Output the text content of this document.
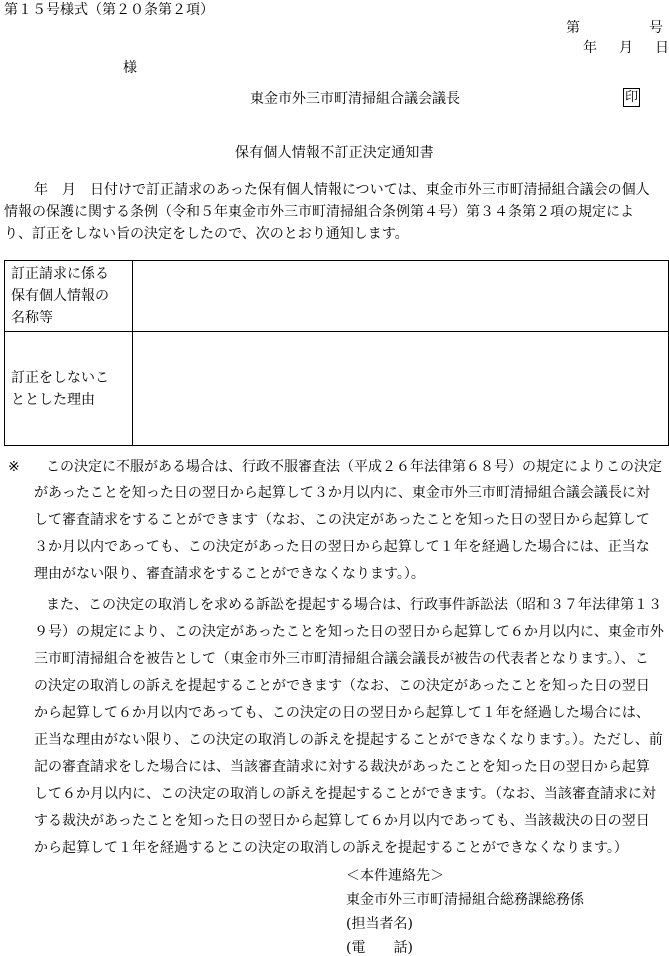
第１５号様式（第２０条第２項）
第	号
年 月 日
様
東金市外三市町清掃組合議会議長	印
保有個人情報不訂正決定通知書
年　月　日付けで訂正請求のあった保有個人情報については、東金市外三市町清掃組合議会の個人
情報の保護に関する条例（令和５年東金市外三市町清掃組合条例第４号）第３４条第２項の規定によ
り、訂正をしない旨の決定をしたので、次のとおり通知します。
訂正請求に係る
保有個人情報の
名称等	

訂正をしないこ
ととした理由	

※ この決定に不服がある場合は、行政不服審査法（平成２６年法律第６８号）の規定によりこの決定
があったことを知った日の翌日から起算して３か月以内に、東金市外三市町清掃組合議会議長に対
して審査請求をすることができます（なお、この決定があったことを知った日の翌日から起算して
３か月以内であっても、この決定があった日の翌日から起算して１年を経過した場合には、正当な
理由がない限り、審査請求をすることができなくなります。）。
また、この決定の取消しを求める訴訟を提起する場合は、行政事件訴訟法（昭和３７年法律第１３
９号）の規定により、この決定があったことを知った日の翌日から起算して６か月以内に、東金市外
三市町清掃組合を被告として（東金市外三市町清掃組合議会議長が被告の代表者となります。）、こ
の決定の取消しの訴えを提起することができます（なお、この決定があったことを知った日の翌日
から起算して６か月以内であっても、この決定の日の翌日から起算して１年を経過した場合には、
正当な理由がない限り、この決定の取消しの訴えを提起することができなくなります。）。ただし、前
記の審査請求をした場合には、当該審査請求に対する裁決があったことを知った日の翌日から起算
して６か月以内に、この決定の取消しの訴えを提起することができます。（なお、当該審査請求に対
する裁決があったことを知った日の翌日から起算して６か月以内であっても、当該裁決の日の翌日
＜本件連絡先＞
東金市外三市町清掃組合総務課総務係
(担当者名)
(電　　話)
から起算して１年を経過するとこの決定の取消しの訴えを提起することができなくなります。）
